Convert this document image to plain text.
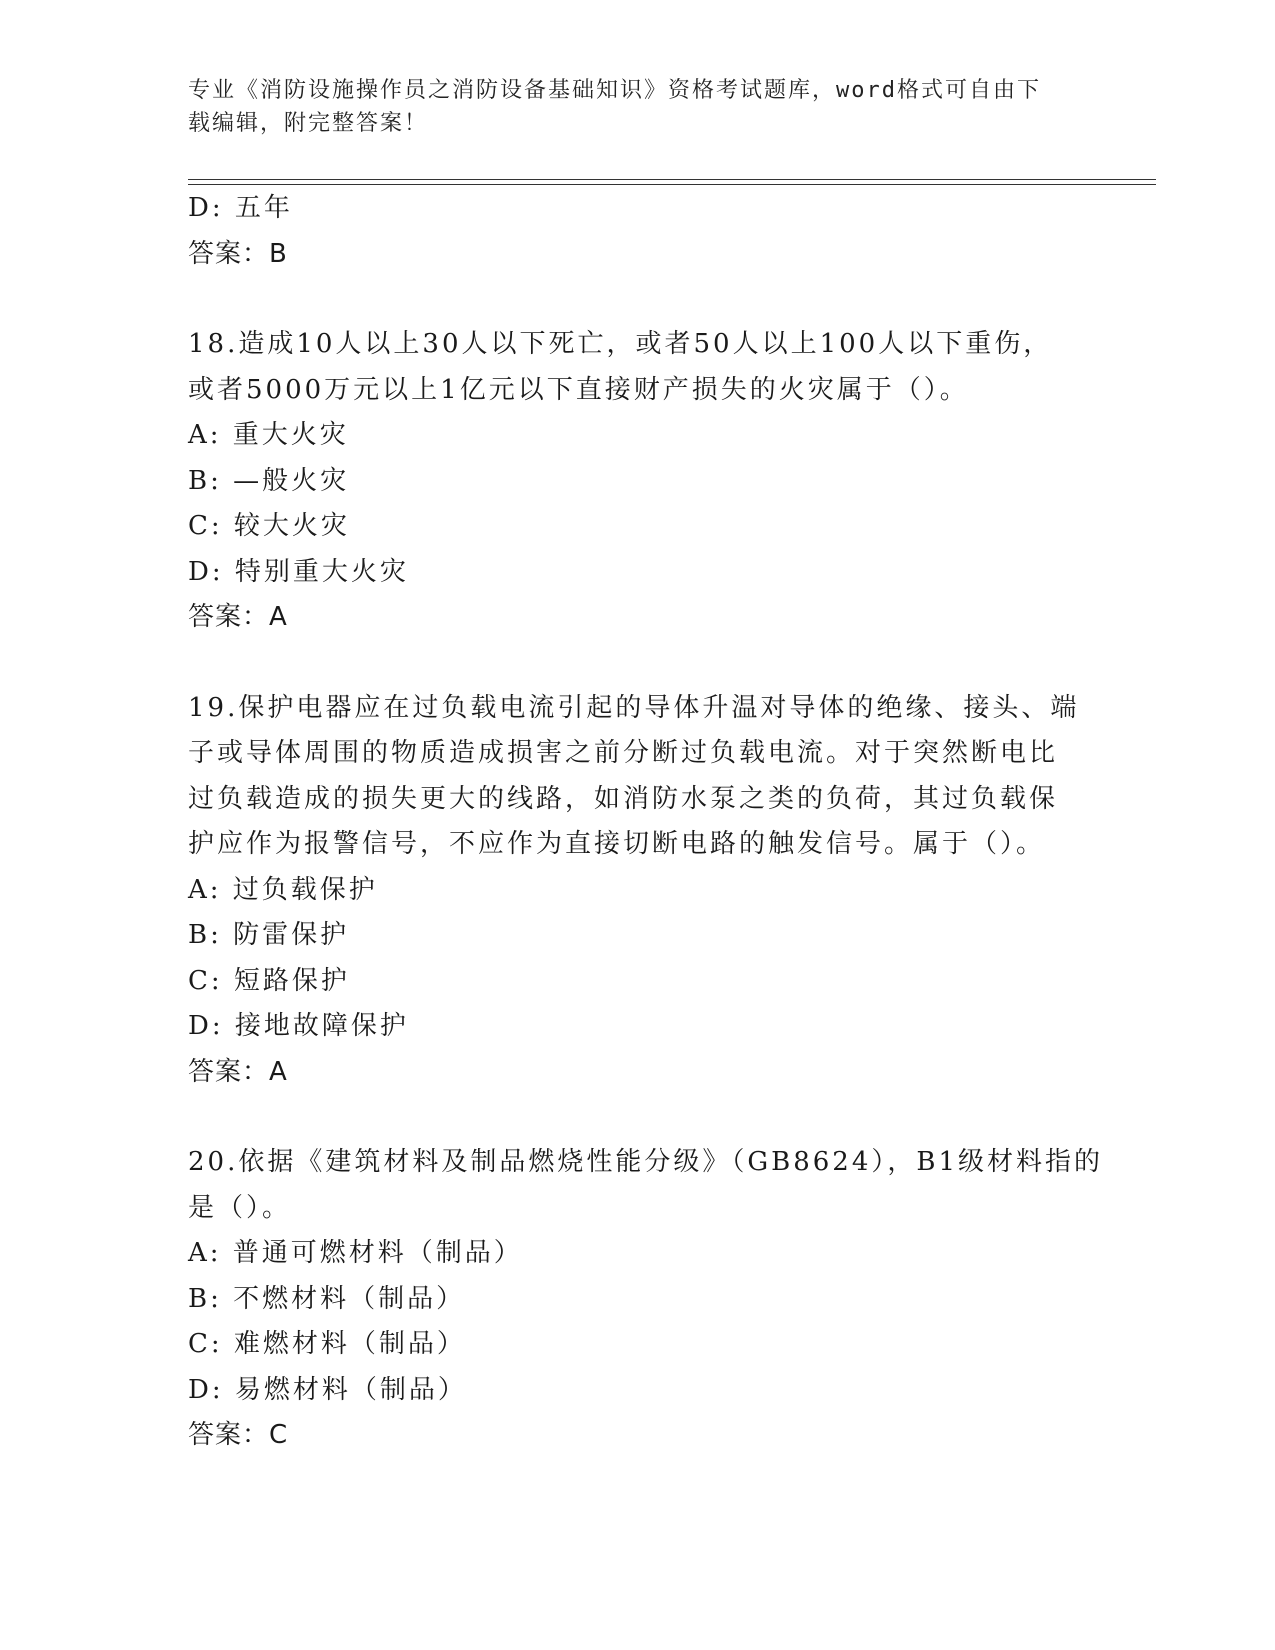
专业《消防设施操作员之消防设备基础知识》资格考试题库，word格式可自由下
载编辑，附完整答案！
D: 五年
答案：B
18.造成10人以上30人以下死亡，或者50人以上100人以下重伤，
或者5000万元以上1亿元以下直接财产损失的火灾属于（）。
A: 重大火灾
B: —般火灾
C: 较大火灾
D: 特别重大火灾
答案：A
19.保护电器应在过负载电流引起的导体升温对导体的绝缘、接头、端
子或导体周围的物质造成损害之前分断过负载电流。对于突然断电比
过负载造成的损失更大的线路，如消防水泵之类的负荷，其过负载保
护应作为报警信号，不应作为直接切断电路的触发信号。属于（）。
A: 过负载保护
B: 防雷保护
C: 短路保护
D: 接地故障保护
答案：A
20.依据《建筑材料及制品燃烧性能分级》（GB8624），B1级材料指的
是（）。
A: 普通可燃材料（制品）
B: 不燃材料（制品）
C: 难燃材料（制品）
D: 易燃材料（制品）
答案：C
